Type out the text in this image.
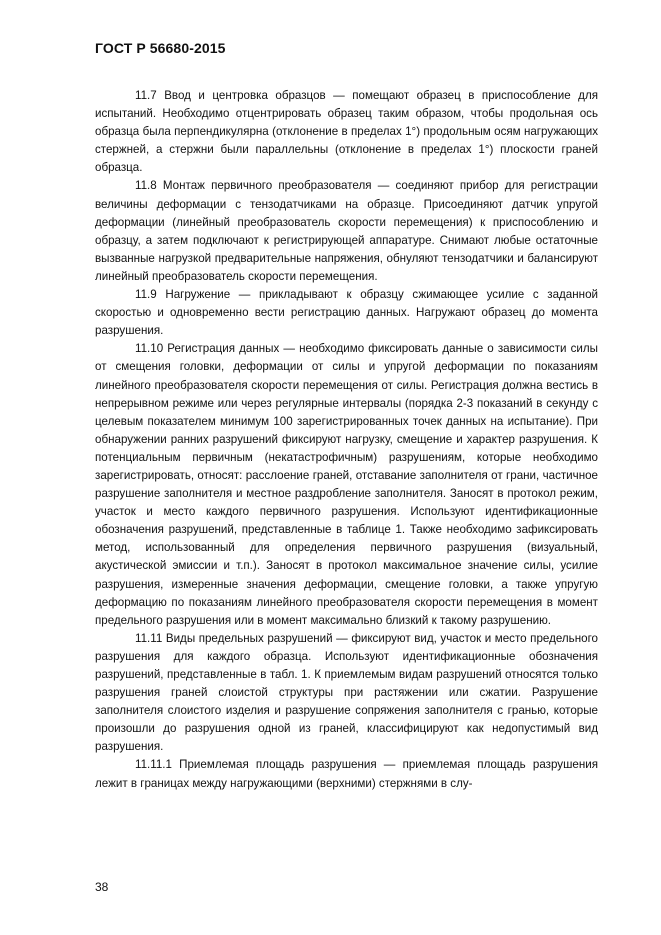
ГОСТ Р 56680-2015

11.7 Ввод и центровка образцов — помещают образец в приспособление для испытаний. Необходимо отцентрировать образец таким образом, чтобы продольная ось образца была перпендикулярна (отклонение в пределах 1°) продольным осям нагружающих стержней, а стержни были параллельны (отклонение в пределах 1°) плоскости граней образца.

11.8 Монтаж первичного преобразователя — соединяют прибор для регистрации величины деформации с тензодатчиками на образце. Присоединяют датчик упругой деформации (линейный преобразователь скорости перемещения) к приспособлению и образцу, а затем подключают к регистрирующей аппаратуре. Снимают любые остаточные вызванные нагрузкой предварительные напряжения, обнуляют тензодатчики и балансируют линейный преобразователь скорости перемещения.

11.9 Нагружение — прикладывают к образцу сжимающее усилие с заданной скоростью и одновременно вести регистрацию данных. Нагружают образец до момента разрушения.

11.10 Регистрация данных — необходимо фиксировать данные о зависимости силы от смещения головки, деформации от силы и упругой деформации по показаниям линейного преобразователя скорости перемещения от силы. Регистрация должна вестись в непрерывном режиме или через регулярные интервалы (порядка 2-3 показаний в секунду с целевым показателем минимум 100 зарегистрированных точек данных на испытание). При обнаружении ранних разрушений фиксируют нагрузку, смещение и характер разрушения. К потенциальным первичным (некатастрофичным) разрушениям, которые необходимо зарегистрировать, относят: расслоение граней, отставание заполнителя от грани, частичное разрушение заполнителя и местное раздробление заполнителя. Заносят в протокол режим, участок и место каждого первичного разрушения. Используют идентификационные обозначения разрушений, представленные в таблице 1. Также необходимо зафиксировать метод, использованный для определения первичного разрушения (визуальный, акустической эмиссии и т.п.). Заносят в протокол максимальное значение силы, усилие разрушения, измеренные значения деформации, смещение головки, а также упругую деформацию по показаниям линейного преобразователя скорости перемещения в момент предельного разрушения или в момент максимально близкий к такому разрушению.

11.11 Виды предельных разрушений — фиксируют вид, участок и место предельного разрушения для каждого образца. Используют идентификационные обозначения разрушений, представленные в табл. 1. К приемлемым видам разрушений относятся только разрушения граней слоистой структуры при растяжении или сжатии. Разрушение заполнителя слоистого изделия и разрушение сопряжения заполнителя с гранью, которые произошли до разрушения одной из граней, классифицируют как недопустимый вид разрушения.

11.11.1 Приемлемая площадь разрушения — приемлемая площадь разрушения лежит в границах между нагружающими (верхними) стержнями в слу-

38
